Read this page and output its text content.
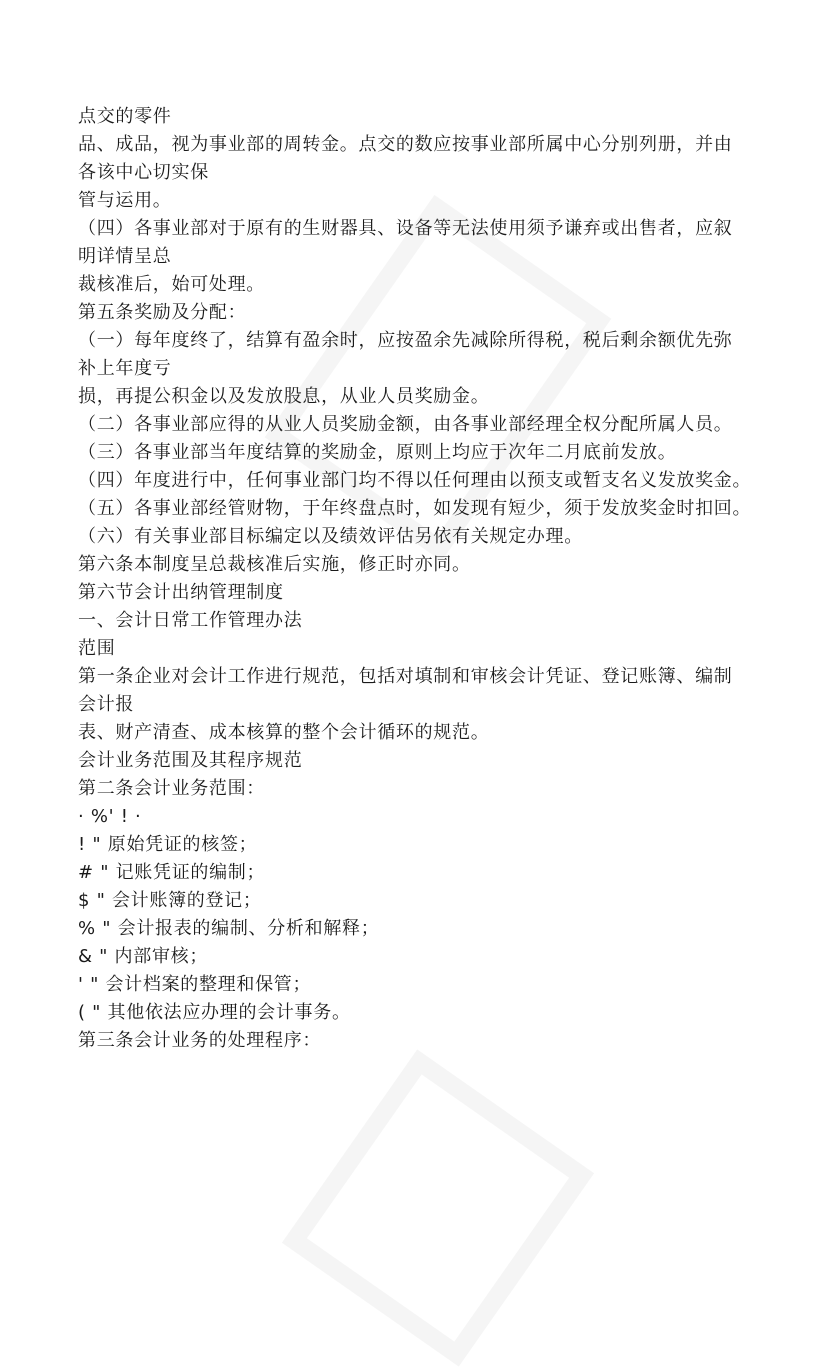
点交的零件
品、成品，视为事业部的周转金。点交的数应按事业部所属中心分别列册，并由
各该中心切实保
管与运用。
（四）各事业部对于原有的生财器具、设备等无法使用须予谦弃或出售者，应叙
明详情呈总
裁核准后，始可处理。
第五条奖励及分配：
（一）每年度终了，结算有盈余时，应按盈余先减除所得税，税后剩余额优先弥
补上年度亏
损，再提公积金以及发放股息，从业人员奖励金。
（二）各事业部应得的从业人员奖励金额，由各事业部经理全权分配所属人员。
（三）各事业部当年度结算的奖励金，原则上均应于次年二月底前发放。
（四）年度进行中，任何事业部门均不得以任何理由以预支或暂支名义发放奖金。
（五）各事业部经管财物，于年终盘点时，如发现有短少，须于发放奖金时扣回。
（六）有关事业部目标编定以及绩效评估另依有关规定办理。
第六条本制度呈总裁核准后实施，修正时亦同。
第六节会计出纳管理制度
一、会计日常工作管理办法
范围
第一条企业对会计工作进行规范，包括对填制和审核会计凭证、登记账簿、编制
会计报
表、财产清查、成本核算的整个会计循环的规范。
会计业务范围及其程序规范
第二条会计业务范围：
· %' ! ·
! " 原始凭证的核签；
# " 记账凭证的编制；
$ " 会计账簿的登记；
% " 会计报表的编制、分析和解释；
& " 内部审核；
' " 会计档案的整理和保管；
( " 其他依法应办理的会计事务。
第三条会计业务的处理程序：
